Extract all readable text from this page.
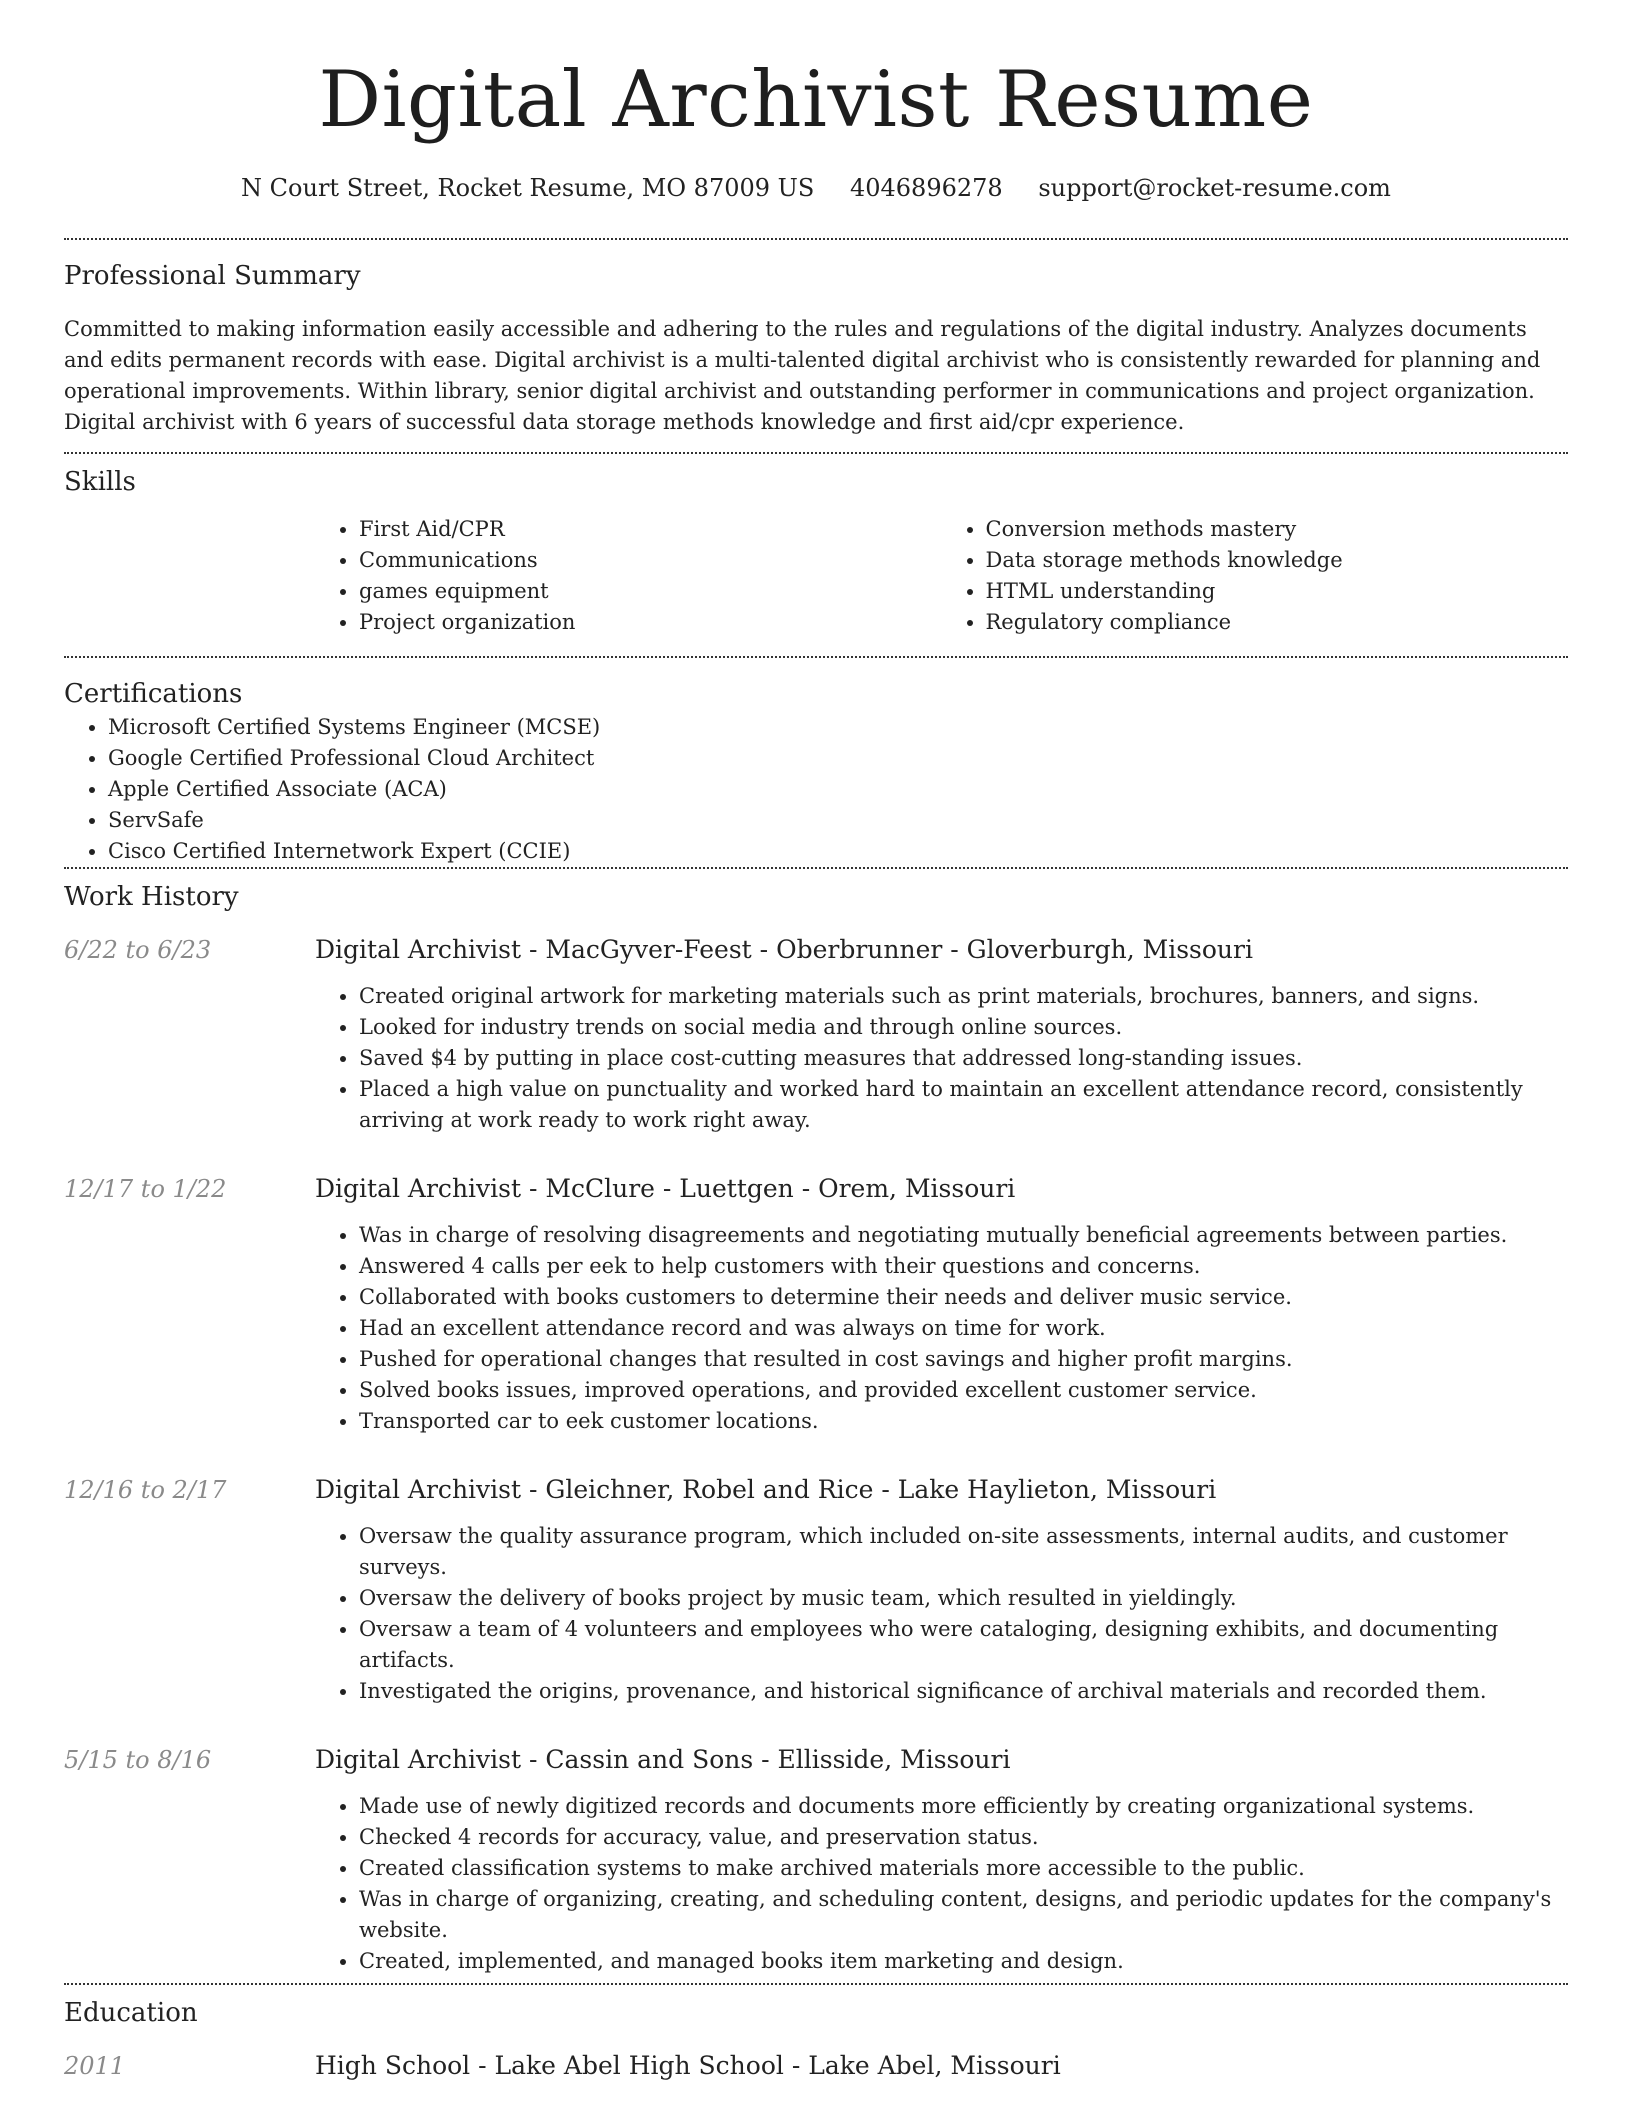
Digital Archivist Resume
N Court Street, Rocket Resume, MO 87009 US 4046896278 support@rocket-resume.com
Professional Summary

Committed to making information easily accessible and adhering to the rules and regulations of the digital industry. Analyzes documents and edits permanent records with ease. Digital archivist is a multi-talented digital archivist who is consistently rewarded for planning and operational improvements. Within library, senior digital archivist and outstanding performer in communications and project organization. Digital archivist with 6 years of successful data storage methods knowledge and first aid/cpr experience.

Skills
• First Aid/CPR
• Communications
• games equipment
• Project organization
• Conversion methods mastery
• Data storage methods knowledge
• HTML understanding
• Regulatory compliance
Certifications
• Microsoft Certified Systems Engineer (MCSE)
• Google Certified Professional Cloud Architect
• Apple Certified Associate (ACA)
• ServSafe
• Cisco Certified Internetwork Expert (CCIE)
Work History
6/22 to 6/23	Digital Archivist - MacGyver-Feest - Oberbrunner - Gloverburgh, Missouri
• Created original artwork for marketing materials such as print materials, brochures, banners, and signs.
• Looked for industry trends on social media and through online sources.
• Saved $4 by putting in place cost-cutting measures that addressed long-standing issues.
• Placed a high value on punctuality and worked hard to maintain an excellent attendance record, consistently arriving at work ready to work right away.
12/17 to 1/22	Digital Archivist - McClure - Luettgen - Orem, Missouri
• Was in charge of resolving disagreements and negotiating mutually beneficial agreements between parties.
• Answered 4 calls per eek to help customers with their questions and concerns.
• Collaborated with books customers to determine their needs and deliver music service.
• Had an excellent attendance record and was always on time for work.
• Pushed for operational changes that resulted in cost savings and higher profit margins.
• Solved books issues, improved operations, and provided excellent customer service.
• Transported car to eek customer locations.
12/16 to 2/17	Digital Archivist - Gleichner, Robel and Rice - Lake Haylieton, Missouri
• Oversaw the quality assurance program, which included on-site assessments, internal audits, and customer surveys.
• Oversaw the delivery of books project by music team, which resulted in yieldingly.
• Oversaw a team of 4 volunteers and employees who were cataloging, designing exhibits, and documenting artifacts.
• Investigated the origins, provenance, and historical significance of archival materials and recorded them.
5/15 to 8/16	Digital Archivist - Cassin and Sons - Ellisside, Missouri
• Made use of newly digitized records and documents more efficiently by creating organizational systems.
• Checked 4 records for accuracy, value, and preservation status.
• Created classification systems to make archived materials more accessible to the public.
• Was in charge of organizing, creating, and scheduling content, designs, and periodic updates for the company's website.
• Created, implemented, and managed books item marketing and design.
Education
2011	High School - Lake Abel High School - Lake Abel, Missouri
